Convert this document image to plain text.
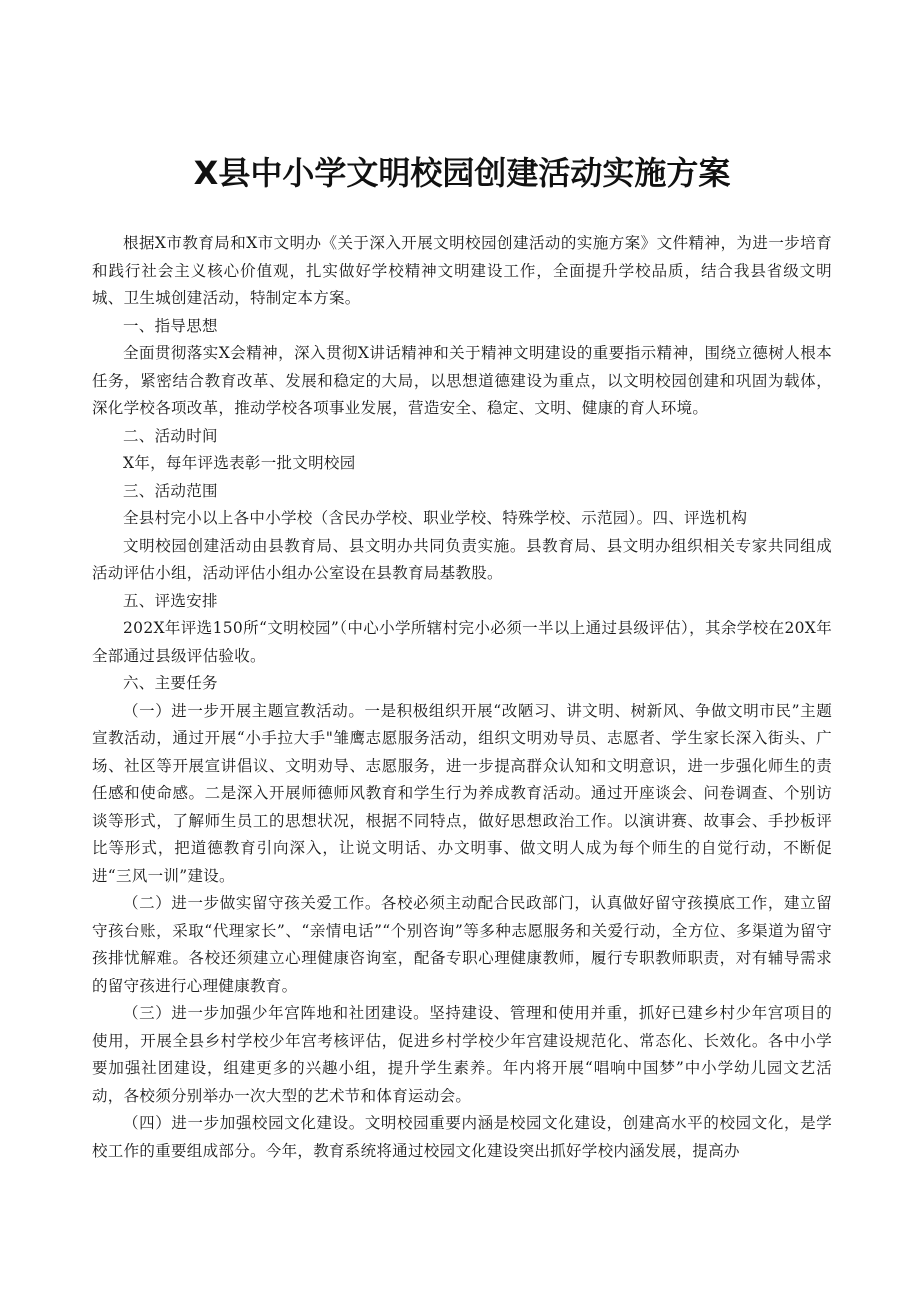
X县中小学文明校园创建活动实施方案

根据X市教育局和X市文明办《关于深入开展文明校园创建活动的实施方案》文件精神，为进一步培育和践行社会主义核心价值观，扎实做好学校精神文明建设工作，全面提升学校品质，结合我县省级文明城、卫生城创建活动，特制定本方案。

一、指导思想

全面贯彻落实X会精神，深入贯彻X讲话精神和关于精神文明建设的重要指示精神，围绕立德树人根本任务，紧密结合教育改革、发展和稳定的大局，以思想道德建设为重点，以文明校园创建和巩固为载体，深化学校各项改革，推动学校各项事业发展，营造安全、稳定、文明、健康的育人环境。

二、活动时间

X年，每年评选表彰一批文明校园

三、活动范围

全县村完小以上各中小学校（含民办学校、职业学校、特殊学校、示范园）。四、评选机构

文明校园创建活动由县教育局、县文明办共同负责实施。县教育局、县文明办组织相关专家共同组成活动评估小组，活动评估小组办公室设在县教育局基教股。

五、评选安排

202X年评选150所“文明校园”（中心小学所辖村完小必须一半以上通过县级评估），其余学校在20X年全部通过县级评估验收。

六、主要任务

（一）进一步开展主题宣教活动。一是积极组织开展“改陋习、讲文明、树新风、争做文明市民”主题宣教活动，通过开展“小手拉大手"雏鹰志愿服务活动，组织文明劝导员、志愿者、学生家长深入街头、广场、社区等开展宣讲倡议、文明劝导、志愿服务，进一步提高群众认知和文明意识，进一步强化师生的责任感和使命感。二是深入开展师德师风教育和学生行为养成教育活动。通过开座谈会、问卷调查、个别访谈等形式，了解师生员工的思想状况，根据不同特点，做好思想政治工作。以演讲赛、故事会、手抄板评比等形式，把道德教育引向深入，让说文明话、办文明事、做文明人成为每个师生的自觉行动，不断促进“三风一训”建设。

（二）进一步做实留守孩关爱工作。各校必须主动配合民政部门，认真做好留守孩摸底工作，建立留守孩台账，采取“代理家长”、“亲情电话”“个别咨询”等多种志愿服务和关爱行动，全方位、多渠道为留守孩排忧解难。各校还须建立心理健康咨询室，配备专职心理健康教师，履行专职教师职责，对有辅导需求的留守孩进行心理健康教育。

（三）进一步加强少年宫阵地和社团建设。坚持建设、管理和使用并重，抓好已建乡村少年宫项目的使用，开展全县乡村学校少年宫考核评估，促进乡村学校少年宫建设规范化、常态化、长效化。各中小学要加强社团建设，组建更多的兴趣小组，提升学生素养。年内将开展“唱响中国梦”中小学幼儿园文艺活动，各校须分别举办一次大型的艺术节和体育运动会。

（四）进一步加强校园文化建设。文明校园重要内涵是校园文化建设，创建高水平的校园文化，是学校工作的重要组成部分。今年，教育系统将通过校园文化建设突出抓好学校内涵发展，提高办
